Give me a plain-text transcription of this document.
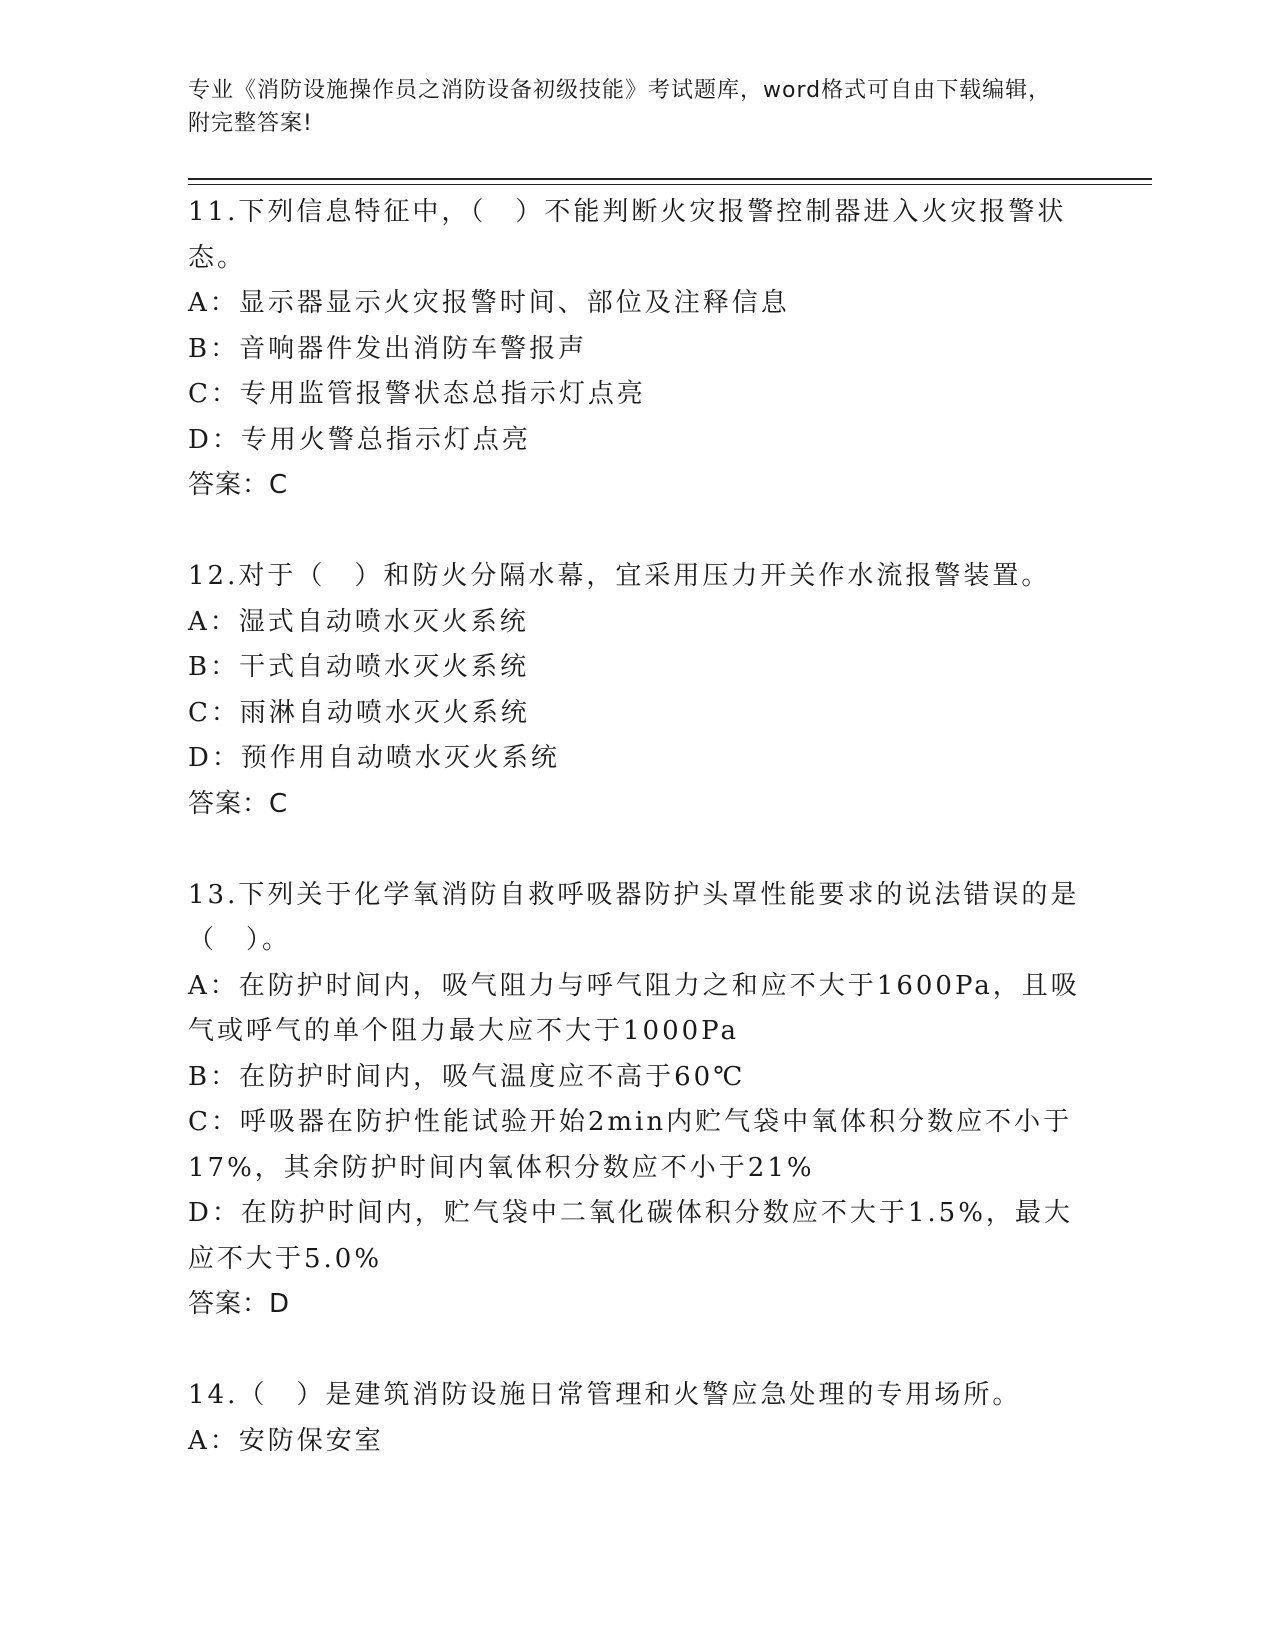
专业《消防设施操作员之消防设备初级技能》考试题库，word格式可自由下载编辑，附完整答案!

11.下列信息特征中，（　）不能判断火灾报警控制器进入火灾报警状态。

A：显示器显示火灾报警时间、部位及注释信息

B：音响器件发出消防车警报声

C：专用监管报警状态总指示灯点亮

D：专用火警总指示灯点亮

答案：C

12.对于（　）和防火分隔水幕，宜采用压力开关作水流报警装置。

A：湿式自动喷水灭火系统

B：干式自动喷水灭火系统

C：雨淋自动喷水灭火系统

D：预作用自动喷水灭火系统

答案：C

13.下列关于化学氧消防自救呼吸器防护头罩性能要求的说法错误的是（　）。

A：在防护时间内，吸气阻力与呼气阻力之和应不大于1600Pa，且吸气或呼气的单个阻力最大应不大于1000Pa

B：在防护时间内，吸气温度应不高于60℃

C：呼吸器在防护性能试验开始2min内贮气袋中氧体积分数应不小于17%，其余防护时间内氧体积分数应不小于21%

D：在防护时间内，贮气袋中二氧化碳体积分数应不大于1.5%，最大应不大于5.0%

答案：D

14.（　）是建筑消防设施日常管理和火警应急处理的专用场所。

A：安防保安室
